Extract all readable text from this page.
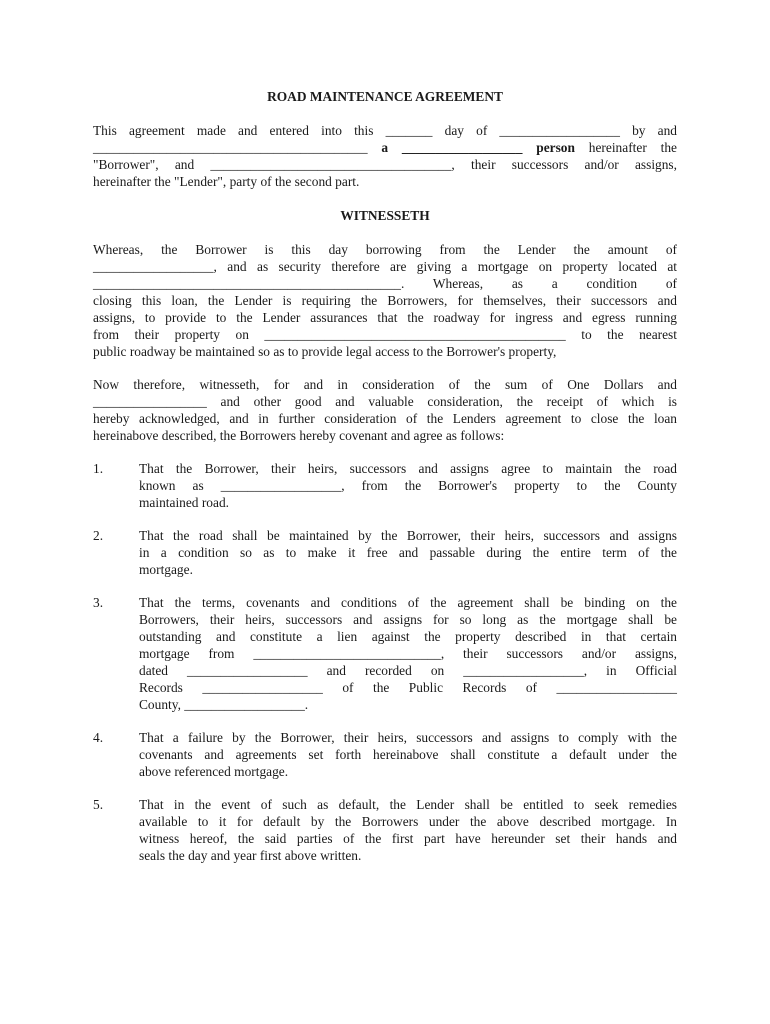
ROAD MAINTENANCE AGREEMENT

This agreement made and entered into this _______ day of __________________ by and

_________________________________________ a __________________ person hereinafter the

"Borrower", and ____________________________________, their successors and/or assigns,

hereinafter the "Lender", party of the second part.

WITNESSETH

Whereas, the Borrower is this day borrowing from the Lender the amount of

__________________, and as security therefore are giving a mortgage on property located at

______________________________________________. Whereas, as a condition of

closing this loan, the Lender is requiring the Borrowers, for themselves, their successors and

assigns, to provide to the Lender assurances that the roadway for ingress and egress running

from their property on _____________________________________________ to the nearest

public roadway be maintained so as to provide legal access to the Borrower's property,

Now therefore, witnesseth, for and in consideration of the sum of One Dollars and

_________________ and other good and valuable consideration, the receipt of which is

hereby acknowledged, and in further consideration of the Lenders agreement to close the loan

hereinabove described, the Borrowers hereby covenant and agree as follows:

1.	That the Borrower, their heirs, successors and assigns agree to maintain the road

known as __________________, from the Borrower's property to the County

maintained road.

2.	That the road shall be maintained by the Borrower, their heirs, successors and assigns

in a condition so as to make it free and passable during the entire term of the

mortgage.

3.	That the terms, covenants and conditions of the agreement shall be binding on the

Borrowers, their heirs, successors and assigns for so long as the mortgage shall be

outstanding and constitute a lien against the property described in that certain

mortgage from ____________________________, their successors and/or assigns,

dated __________________ and recorded on __________________, in Official

Records __________________ of the Public Records of __________________

County, __________________.

4.	That a failure by the Borrower, their heirs, successors and assigns to comply with the

covenants and agreements set forth hereinabove shall constitute a default under the

above referenced mortgage.

5.	That in the event of such as default, the Lender shall be entitled to seek remedies

available to it for default by the Borrowers under the above described mortgage. In

witness hereof, the said parties of the first part have hereunder set their hands and

seals the day and year first above written.
